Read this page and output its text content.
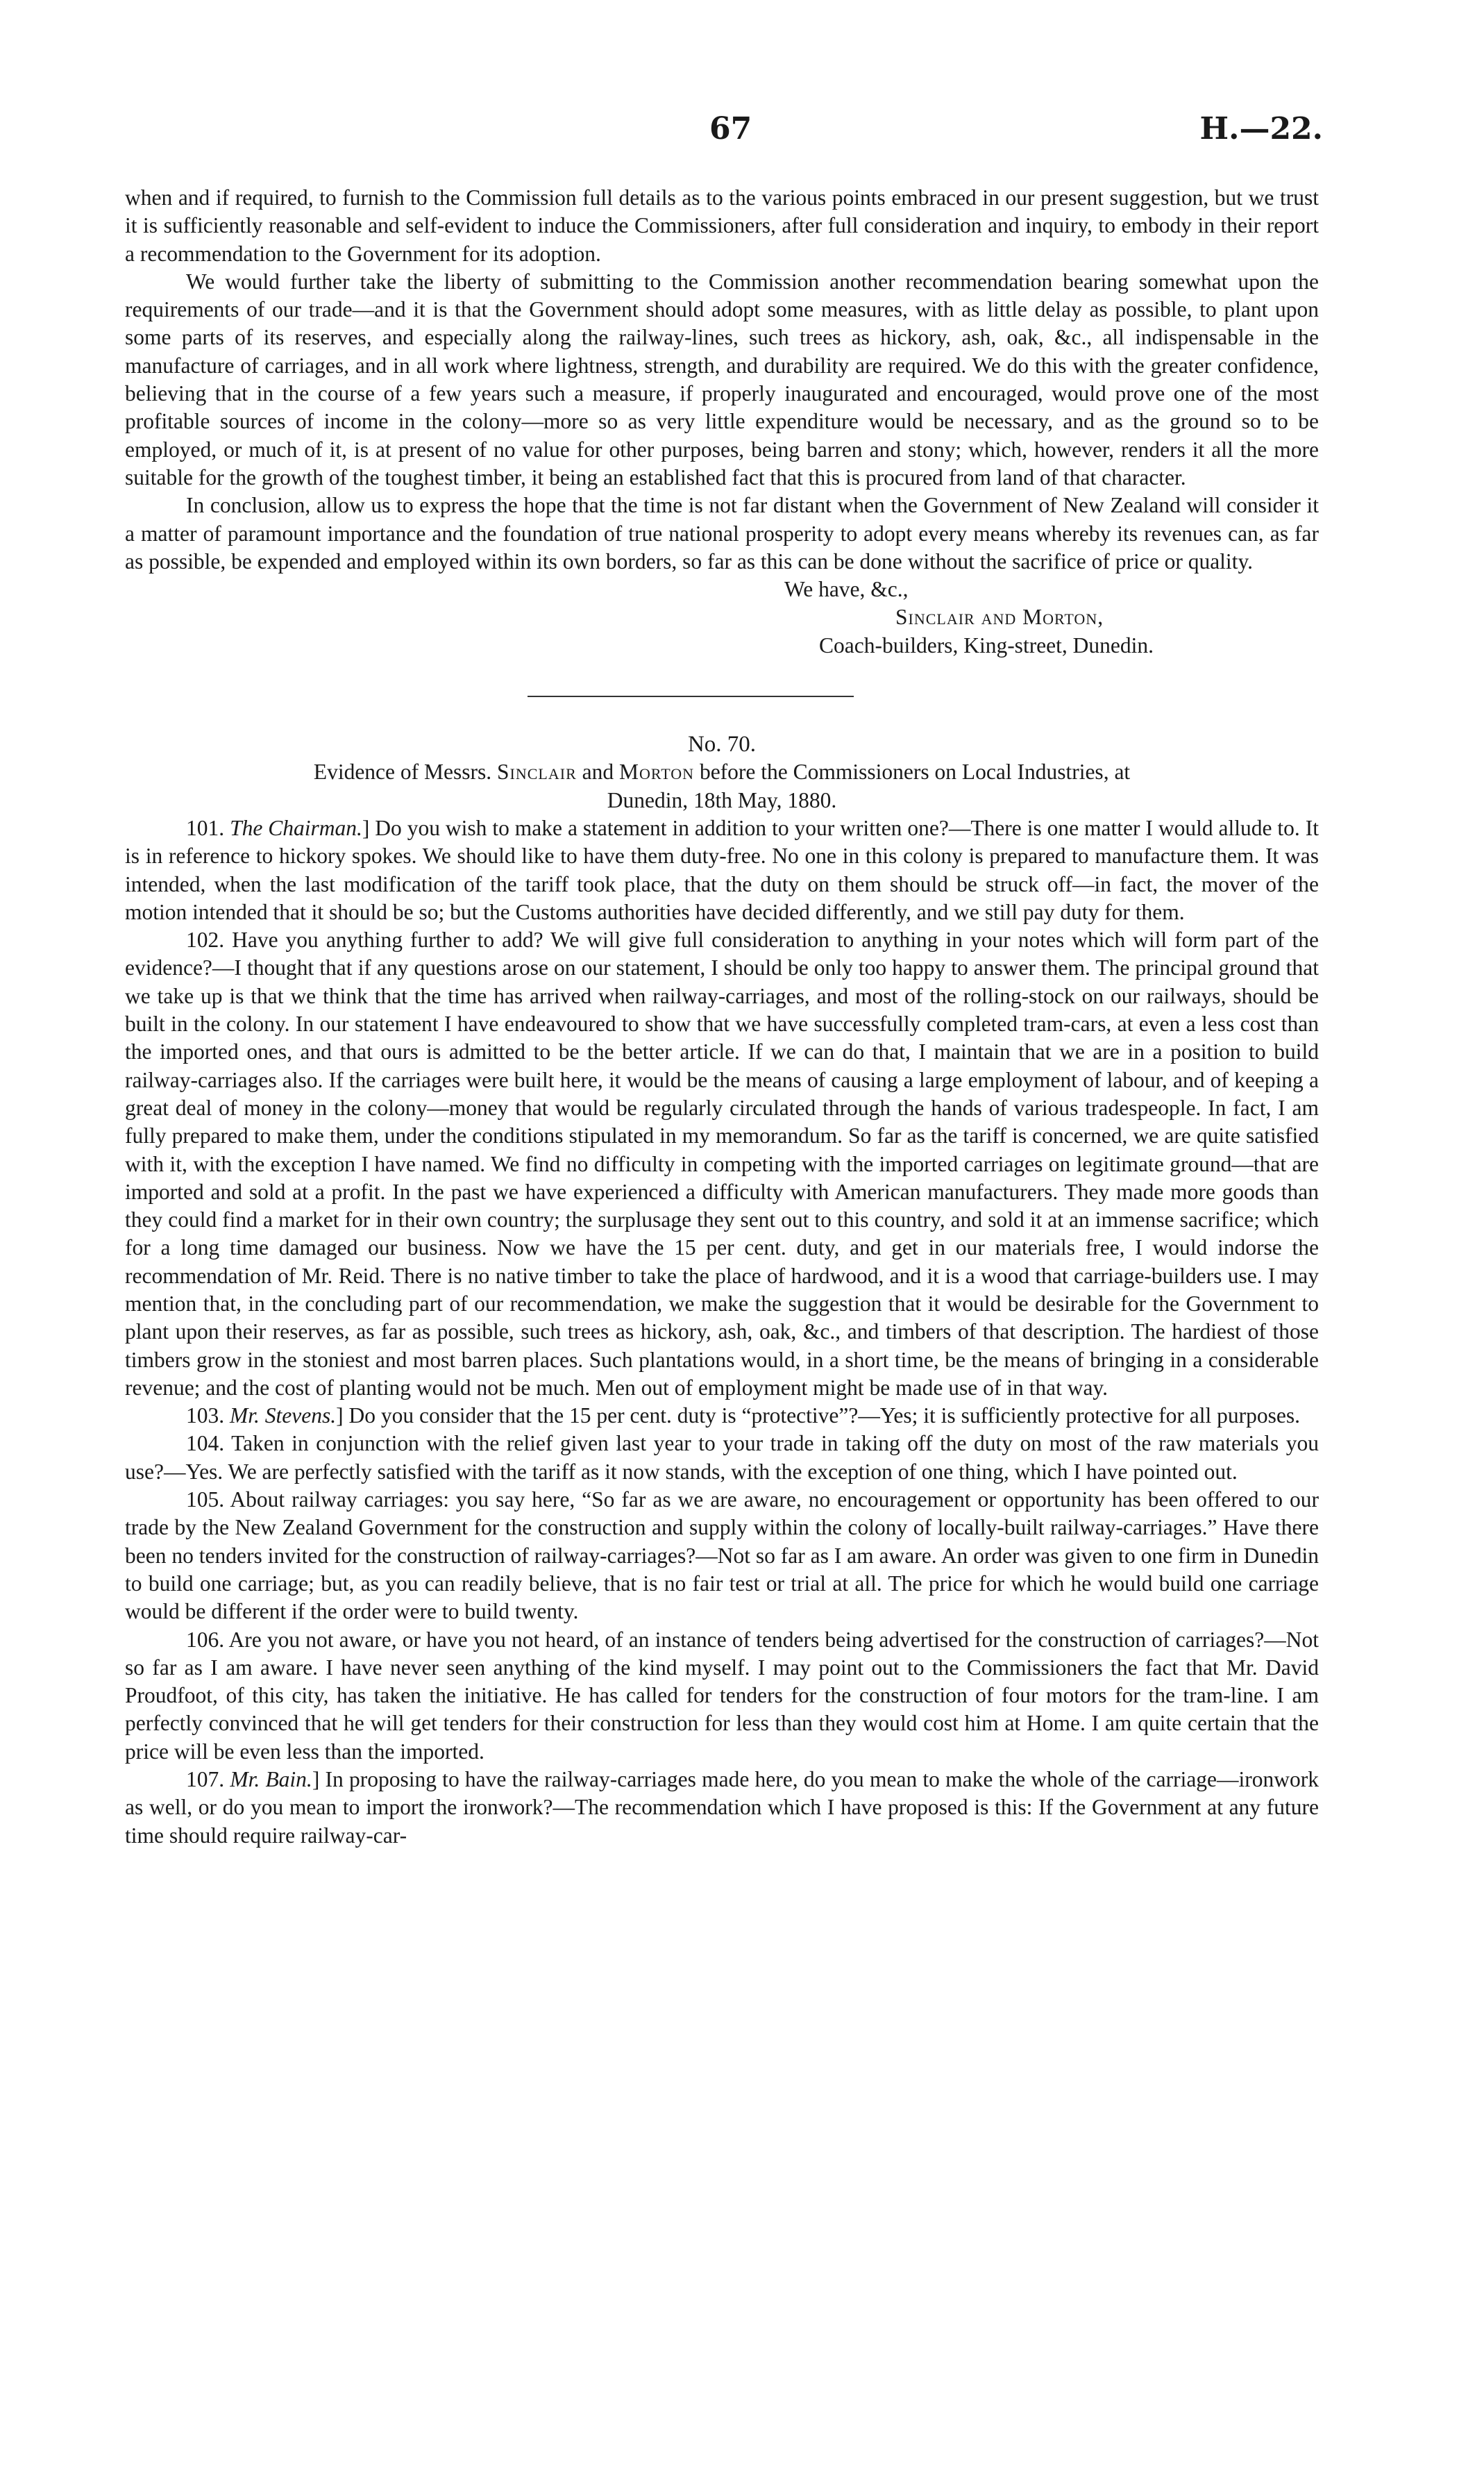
67	H.—22.

when and if required, to furnish to the Commission full details as to the various points embraced in our present suggestion, but we trust it is sufficiently reasonable and self-evident to induce the Commissioners, after full consideration and inquiry, to embody in their report a recommendation to the Government for its adoption.

We would further take the liberty of submitting to the Commission another recommendation bearing somewhat upon the requirements of our trade—and it is that the Government should adopt some measures, with as little delay as possible, to plant upon some parts of its reserves, and especially along the railway-lines, such trees as hickory, ash, oak, &c., all indispensable in the manufacture of carriages, and in all work where lightness, strength, and durability are required. We do this with the greater confidence, believing that in the course of a few years such a measure, if properly inaugurated and encouraged, would prove one of the most profitable sources of income in the colony—more so as very little expenditure would be necessary, and as the ground so to be employed, or much of it, is at present of no value for other purposes, being barren and stony; which, however, renders it all the more suitable for the growth of the toughest timber, it being an established fact that this is procured from land of that character.

In conclusion, allow us to express the hope that the time is not far distant when the Government of New Zealand will consider it a matter of paramount importance and the foundation of true national prosperity to adopt every means whereby its revenues can, as far as possible, be expended and employed within its own borders, so far as this can be done without the sacrifice of price or quality.

We have, &c.,
Sinclair and Morton,
Coach-builders, King-street, Dunedin.

No. 70.

Evidence of Messrs. Sinclair and Morton before the Commissioners on Local Industries, at
Dunedin, 18th May, 1880.

101. The Chairman.] Do you wish to make a statement in addition to your written one?—There is one matter I would allude to. It is in reference to hickory spokes. We should like to have them duty-free. No one in this colony is prepared to manufacture them. It was intended, when the last modification of the tariff took place, that the duty on them should be struck off—in fact, the mover of the motion intended that it should be so; but the Customs authorities have decided differently, and we still pay duty for them.

102. Have you anything further to add? We will give full consideration to anything in your notes which will form part of the evidence?—I thought that if any questions arose on our statement, I should be only too happy to answer them. The principal ground that we take up is that we think that the time has arrived when railway-carriages, and most of the rolling-stock on our railways, should be built in the colony. In our statement I have endeavoured to show that we have successfully completed tram-cars, at even a less cost than the imported ones, and that ours is admitted to be the better article. If we can do that, I maintain that we are in a position to build railway-carriages also. If the carriages were built here, it would be the means of causing a large employment of labour, and of keeping a great deal of money in the colony—money that would be regularly circulated through the hands of various tradespeople. In fact, I am fully prepared to make them, under the conditions stipulated in my memorandum. So far as the tariff is concerned, we are quite satisfied with it, with the exception I have named. We find no difficulty in competing with the imported carriages on legitimate ground—that are imported and sold at a profit. In the past we have experienced a difficulty with American manufacturers. They made more goods than they could find a market for in their own country; the surplusage they sent out to this country, and sold it at an immense sacrifice; which for a long time damaged our business. Now we have the 15 per cent. duty, and get in our materials free, I would indorse the recommendation of Mr. Reid. There is no native timber to take the place of hardwood, and it is a wood that carriage-builders use. I may mention that, in the concluding part of our recommendation, we make the suggestion that it would be desirable for the Government to plant upon their reserves, as far as possible, such trees as hickory, ash, oak, &c., and timbers of that description. The hardiest of those timbers grow in the stoniest and most barren places. Such plantations would, in a short time, be the means of bringing in a considerable revenue; and the cost of planting would not be much. Men out of employment might be made use of in that way.

103. Mr. Stevens.] Do you consider that the 15 per cent. duty is “protective”?—Yes; it is sufficiently protective for all purposes.

104. Taken in conjunction with the relief given last year to your trade in taking off the duty on most of the raw materials you use?—Yes. We are perfectly satisfied with the tariff as it now stands, with the exception of one thing, which I have pointed out.

105. About railway carriages: you say here, “So far as we are aware, no encouragement or opportunity has been offered to our trade by the New Zealand Government for the construction and supply within the colony of locally-built railway-carriages.” Have there been no tenders invited for the construction of railway-carriages?—Not so far as I am aware. An order was given to one firm in Dunedin to build one carriage; but, as you can readily believe, that is no fair test or trial at all. The price for which he would build one carriage would be different if the order were to build twenty.

106. Are you not aware, or have you not heard, of an instance of tenders being advertised for the construction of carriages?—Not so far as I am aware. I have never seen anything of the kind myself. I may point out to the Commissioners the fact that Mr. David Proudfoot, of this city, has taken the initiative. He has called for tenders for the construction of four motors for the tram-line. I am perfectly convinced that he will get tenders for their construction for less than they would cost him at Home. I am quite certain that the price will be even less than the imported.

107. Mr. Bain.] In proposing to have the railway-carriages made here, do you mean to make the whole of the carriage—ironwork as well, or do you mean to import the ironwork?—The recommendation which I have proposed is this: If the Government at any future time should require railway-car-
